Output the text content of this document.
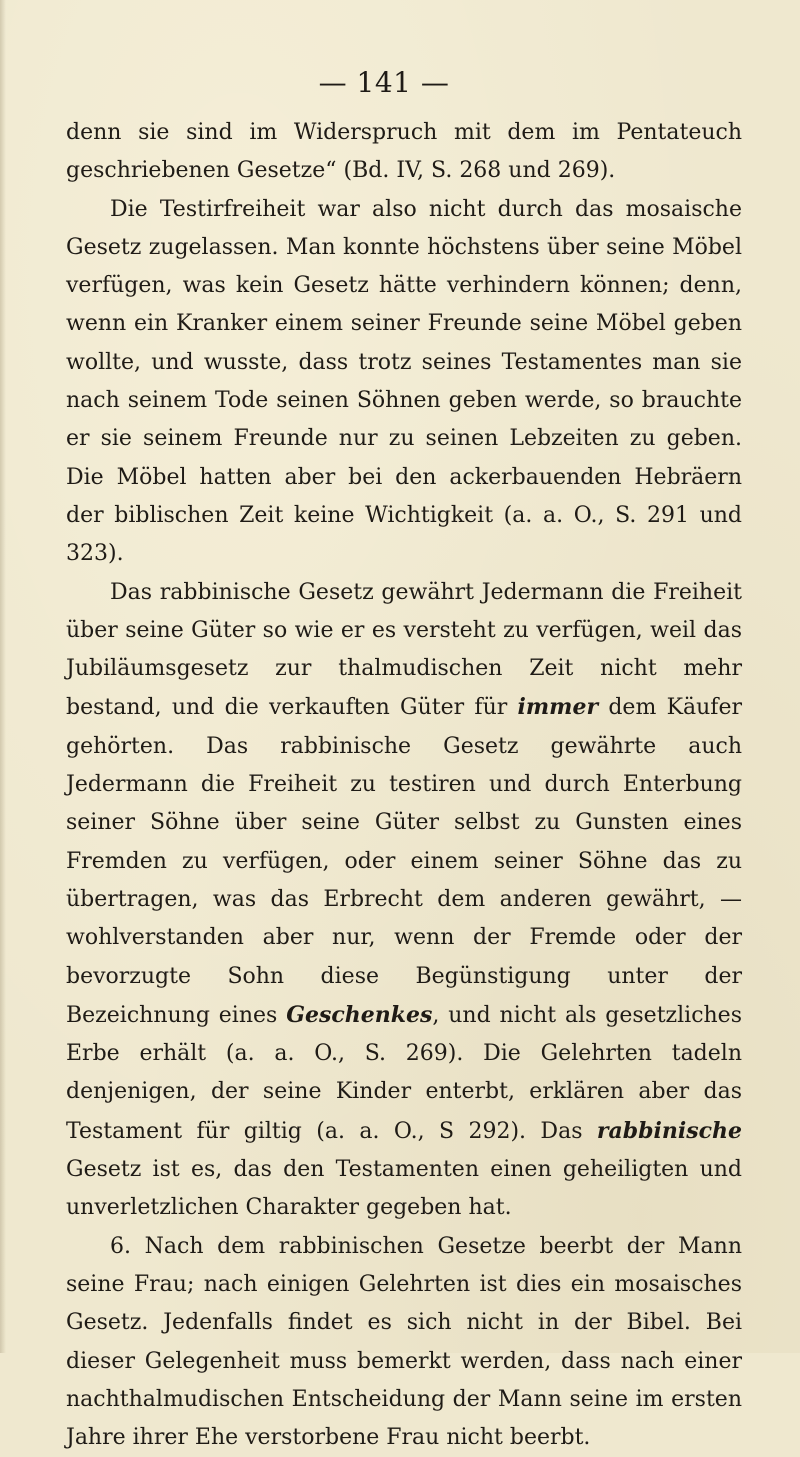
— 141 —

denn sie sind im Widerspruch mit dem im Pentateuch geschriebenen Gesetze“ (Bd. IV, S. 268 und 269).

Die Testirfreiheit war also nicht durch das mosaische Gesetz zugelassen. Man konnte höchstens über seine Möbel verfügen, was kein Gesetz hätte verhindern können; denn, wenn ein Kranker einem seiner Freunde seine Möbel geben wollte, und wusste, dass trotz seines Testamentes man sie nach seinem Tode seinen Söhnen geben werde, so brauchte er sie seinem Freunde nur zu seinen Lebzeiten zu geben. Die Möbel hatten aber bei den ackerbauenden Hebräern der biblischen Zeit keine Wichtigkeit (a. a. O., S. 291 und 323).

Das rabbinische Gesetz gewährt Jedermann die Freiheit über seine Güter so wie er es versteht zu verfügen, weil das Jubiläumsgesetz zur thalmudischen Zeit nicht mehr bestand, und die verkauften Güter für immer dem Käufer gehörten. Das rabbinische Gesetz gewährte auch Jedermann die Freiheit zu testiren und durch Enterbung seiner Söhne über seine Güter selbst zu Gunsten eines Fremden zu verfügen, oder einem seiner Söhne das zu übertragen, was das Erbrecht dem anderen gewährt, — wohlverstanden aber nur, wenn der Fremde oder der bevorzugte Sohn diese Begünstigung unter der Bezeichnung eines Geschenkes, und nicht als gesetzliches Erbe erhält (a. a. O., S. 269). Die Gelehrten tadeln denjenigen, der seine Kinder enterbt, erklären aber das Testament für giltig (a. a. O., S 292). Das rabbinische Gesetz ist es, das den Testamenten einen geheiligten und unverletzlichen Charakter gegeben hat.

6. Nach dem rabbinischen Gesetze beerbt der Mann seine Frau; nach einigen Gelehrten ist dies ein mosaisches Gesetz. Jedenfalls findet es sich nicht in der Bibel. Bei dieser Gelegenheit muss bemerkt werden, dass nach einer nachthalmudischen Entscheidung der Mann seine im ersten Jahre ihrer Ehe verstorbene Frau nicht beerbt.
